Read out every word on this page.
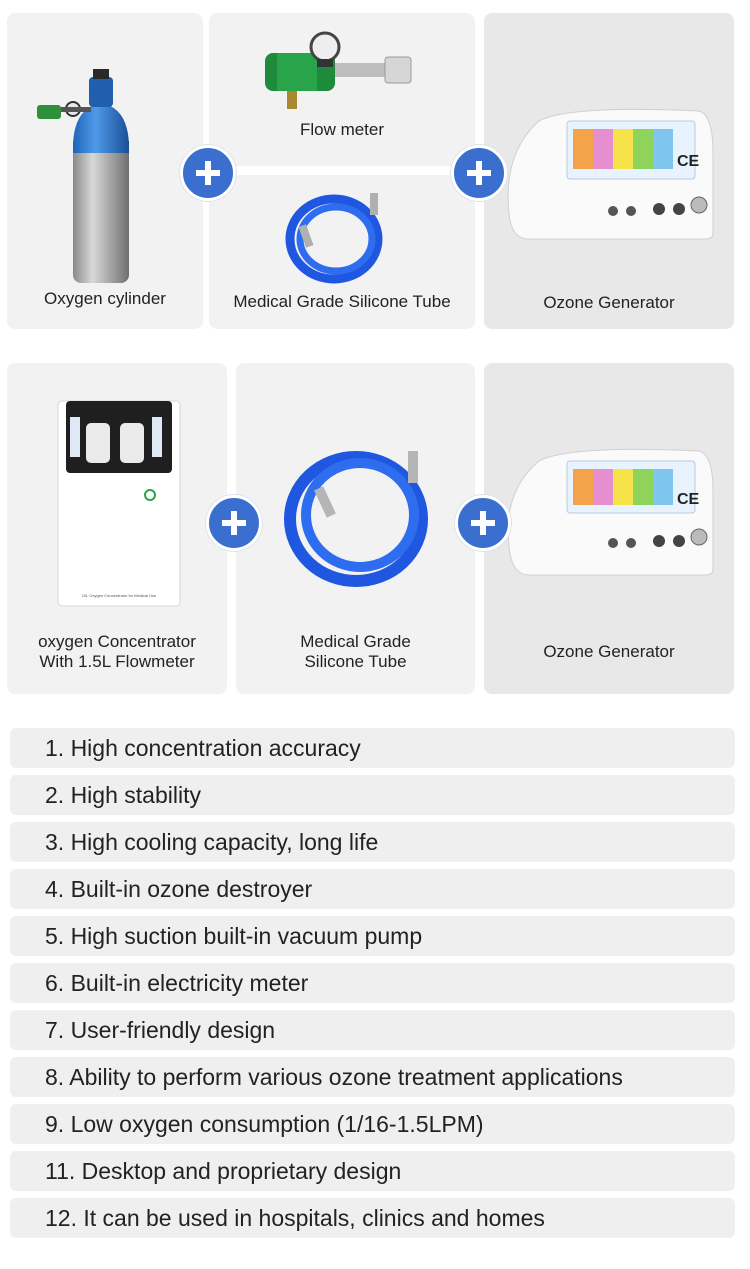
Oxygen cylinder
Flow meter
Medical Grade Silicone Tube
CE
Ozone Generator
10L Oxygen Concentrator for Medical Use
oxygen Concentrator
With 1.5L Flowmeter
Medical Grade
Silicone Tube
CE
Ozone Generator
1. High concentration accuracy
2. High stability
3. High cooling capacity, long life
4. Built-in ozone destroyer
5. High suction built-in vacuum pump
6. Built-in electricity meter
7. User-friendly design
8. Ability to perform various ozone treatment applications
9. Low oxygen consumption (1/16-1.5LPM)
11. Desktop and proprietary design
12. It can be used in hospitals, clinics and homes
